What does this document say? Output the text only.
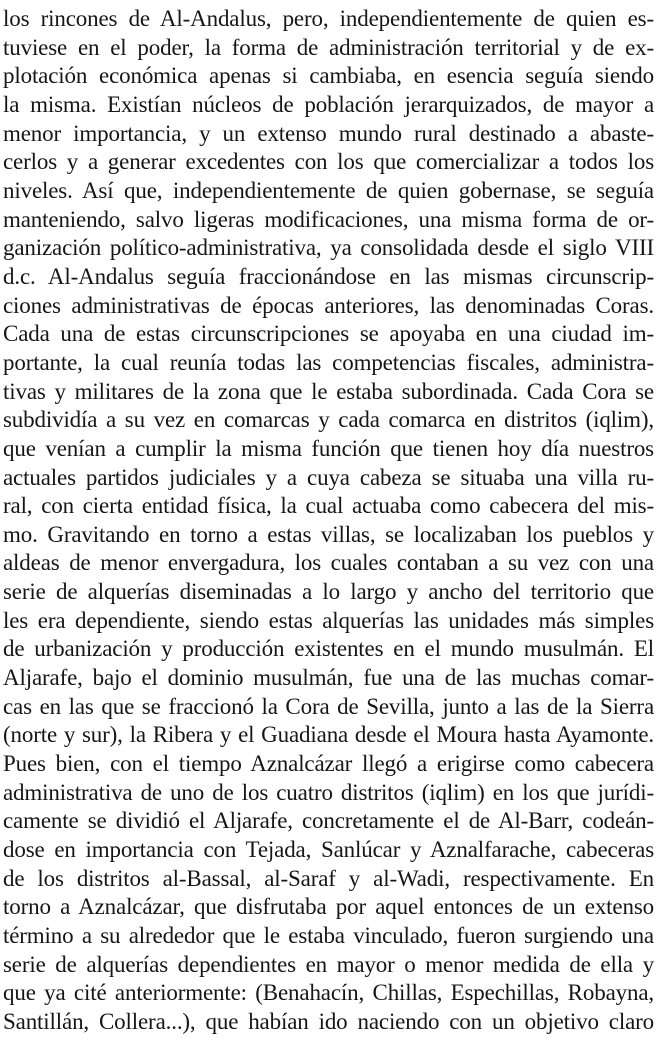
los rincones de Al-Andalus, pero, independientemente de quien es-
tuviese en el poder, la forma de administración territorial y de ex-
plotación económica apenas si cambiaba, en esencia seguía siendo
la misma. Existían núcleos de población jerarquizados, de mayor a
menor importancia, y un extenso mundo rural destinado a abaste-
cerlos y a generar excedentes con los que comercializar a todos los
niveles. Así que, independientemente de quien gobernase, se seguía
manteniendo, salvo ligeras modificaciones, una misma forma de or-
ganización político-administrativa, ya consolidada desde el siglo VIII
d.c. Al-Andalus seguía fraccionándose en las mismas circunscrip-
ciones administrativas de épocas anteriores, las denominadas Coras.
Cada una de estas circunscripciones se apoyaba en una ciudad im-
portante, la cual reunía todas las competencias fiscales, administra-
tivas y militares de la zona que le estaba subordinada. Cada Cora se
subdividía a su vez en comarcas y cada comarca en distritos (iqlim),
que venían a cumplir la misma función que tienen hoy día nuestros
actuales partidos judiciales y a cuya cabeza se situaba una villa ru-
ral, con cierta entidad física, la cual actuaba como cabecera del mis-
mo. Gravitando en torno a estas villas, se localizaban los pueblos y
aldeas de menor envergadura, los cuales contaban a su vez con una
serie de alquerías diseminadas a lo largo y ancho del territorio que
les era dependiente, siendo estas alquerías las unidades más simples
de urbanización y producción existentes en el mundo musulmán. El
Aljarafe, bajo el dominio musulmán, fue una de las muchas comar-
cas en las que se fraccionó la Cora de Sevilla, junto a las de la Sierra
(norte y sur), la Ribera y el Guadiana desde el Moura hasta Ayamonte.
Pues bien, con el tiempo Aznalcázar llegó a erigirse como cabecera
administrativa de uno de los cuatro distritos (iqlim) en los que jurídi-
camente se dividió el Aljarafe, concretamente el de Al-Barr, codeán-
dose en importancia con Tejada, Sanlúcar y Aznalfarache, cabeceras
de los distritos al-Bassal, al-Saraf y al-Wadi, respectivamente. En
torno a Aznalcázar, que disfrutaba por aquel entonces de un extenso
término a su alrededor que le estaba vinculado, fueron surgiendo una
serie de alquerías dependientes en mayor o menor medida de ella y
que ya cité anteriormente: (Benahacín, Chillas, Espechillas, Robayna,
Santillán, Collera...), que habían ido naciendo con un objetivo claro
